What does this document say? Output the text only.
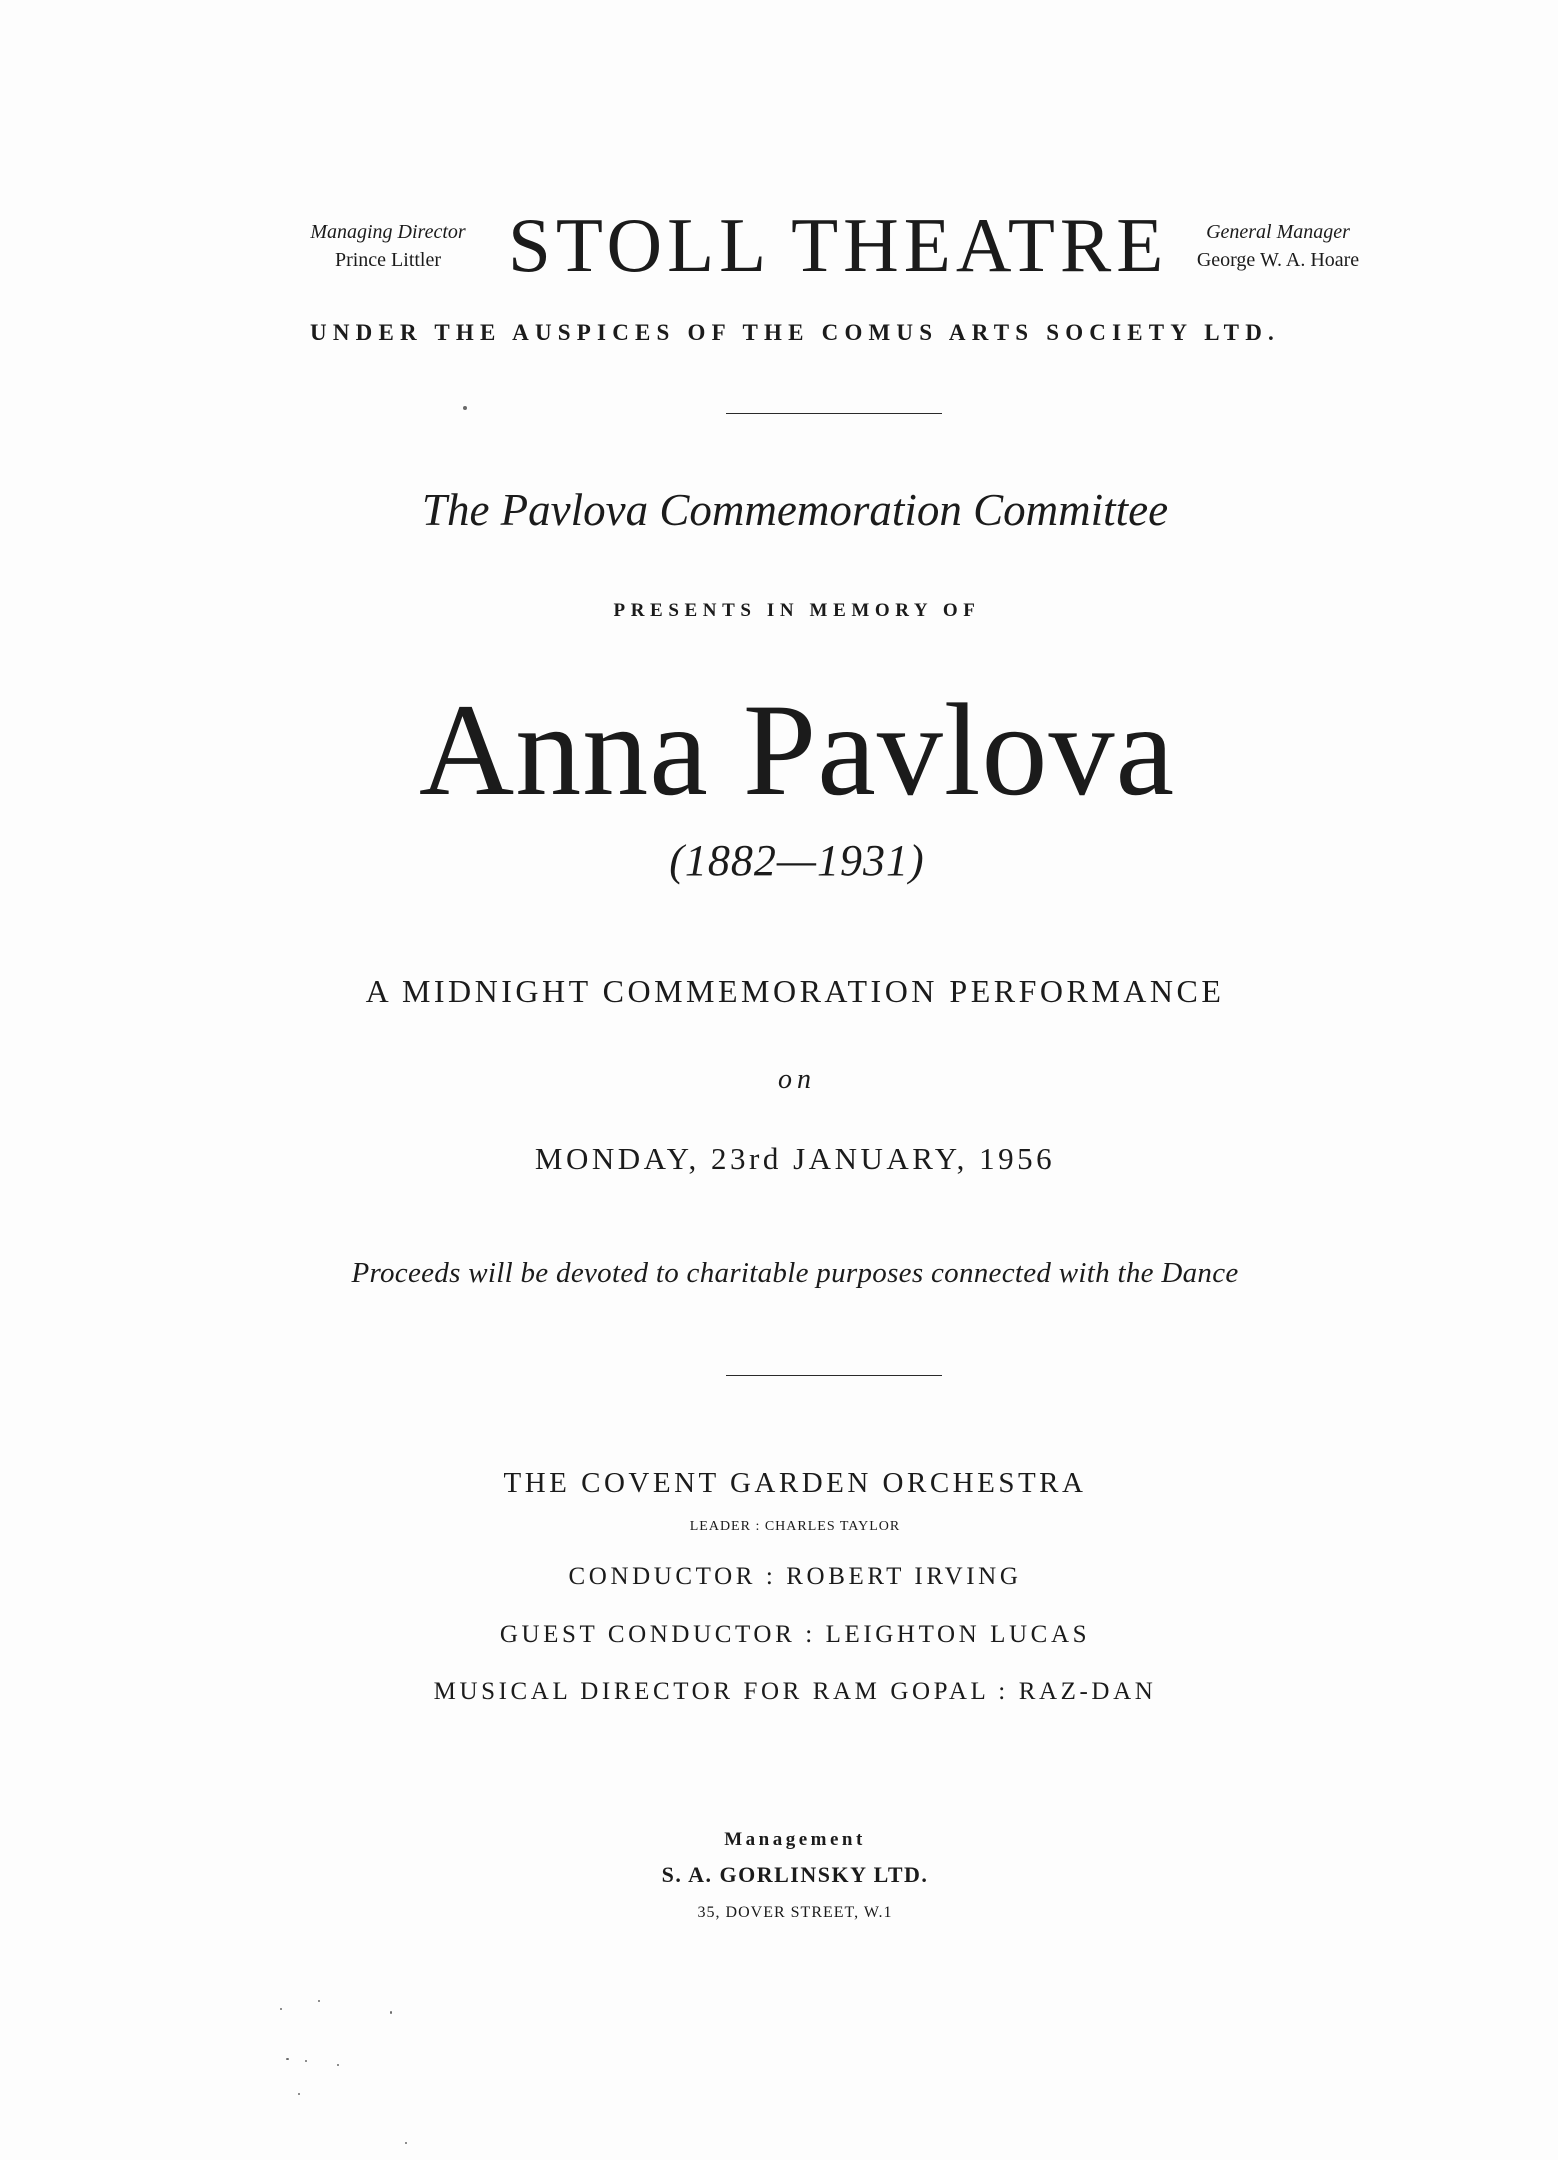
Managing Director
Prince Littler STOLL THEATRE	General Manager
George W. A. Hoare
UNDER THE AUSPICES OF THE COMUS ARTS SOCIETY LTD.
The Pavlova Commemoration Committee
PRESENTS IN MEMORY OF
Anna Pavlova
(1882—1931)
A MIDNIGHT COMMEMORATION PERFORMANCE
on
MONDAY, 23rd JANUARY, 1956
Proceeds will be devoted to charitable purposes connected with the Dance
THE COVENT GARDEN ORCHESTRA
LEADER : CHARLES TAYLOR
CONDUCTOR : ROBERT IRVING
GUEST CONDUCTOR : LEIGHTON LUCAS
MUSICAL DIRECTOR FOR RAM GOPAL : RAZ-DAN
Management
S. A. GORLINSKY LTD.
35, DOVER STREET, W.1
